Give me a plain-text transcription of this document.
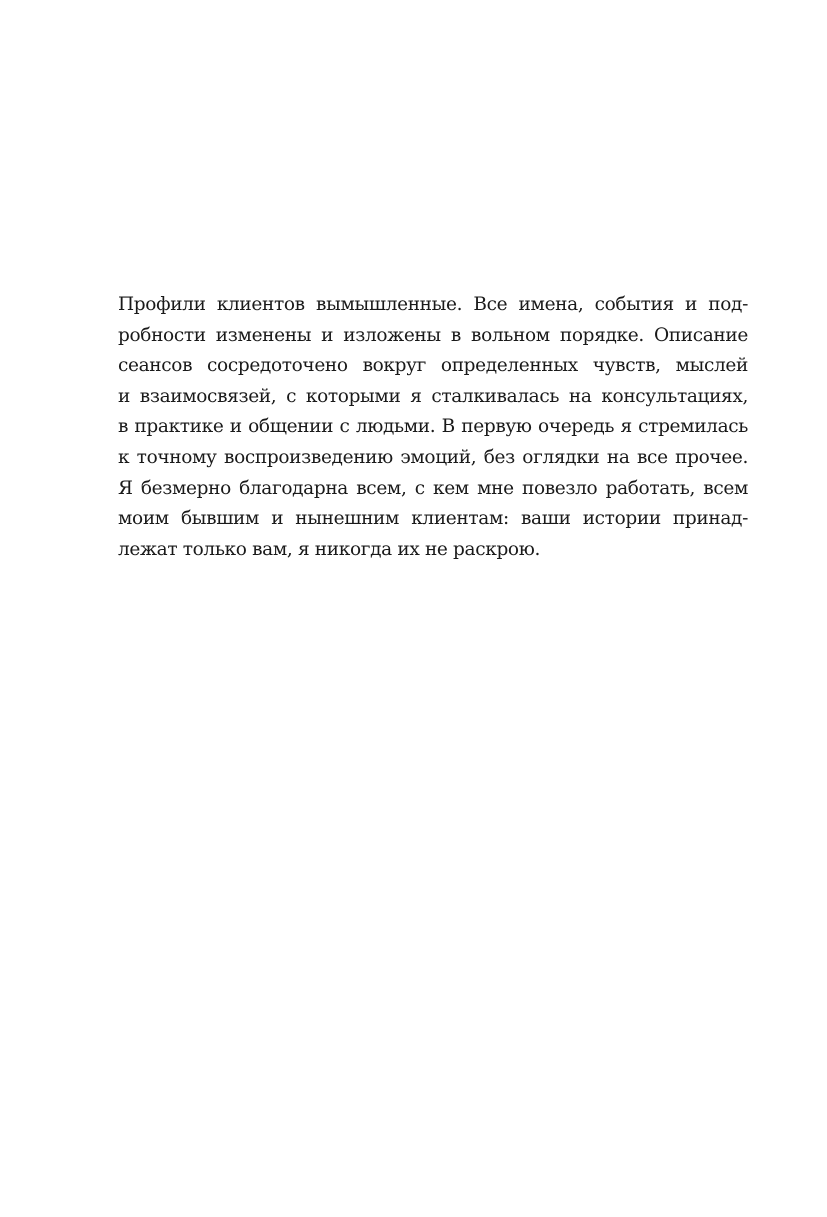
Профили клиентов вымышленные. Все имена, события и под-
робности изменены и изложены в вольном порядке. Описание
сеансов сосредоточено вокруг определенных чувств, мыслей
и взаимосвязей, с которыми я сталкивалась на консультациях,
в практике и общении с людьми. В первую очередь я стремилась
к точному воспроизведению эмоций, без оглядки на все прочее.
Я безмерно благодарна всем, с кем мне повезло работать, всем
моим бывшим и нынешним клиентам: ваши истории принад-
лежат только вам, я никогда их не раскрою.
